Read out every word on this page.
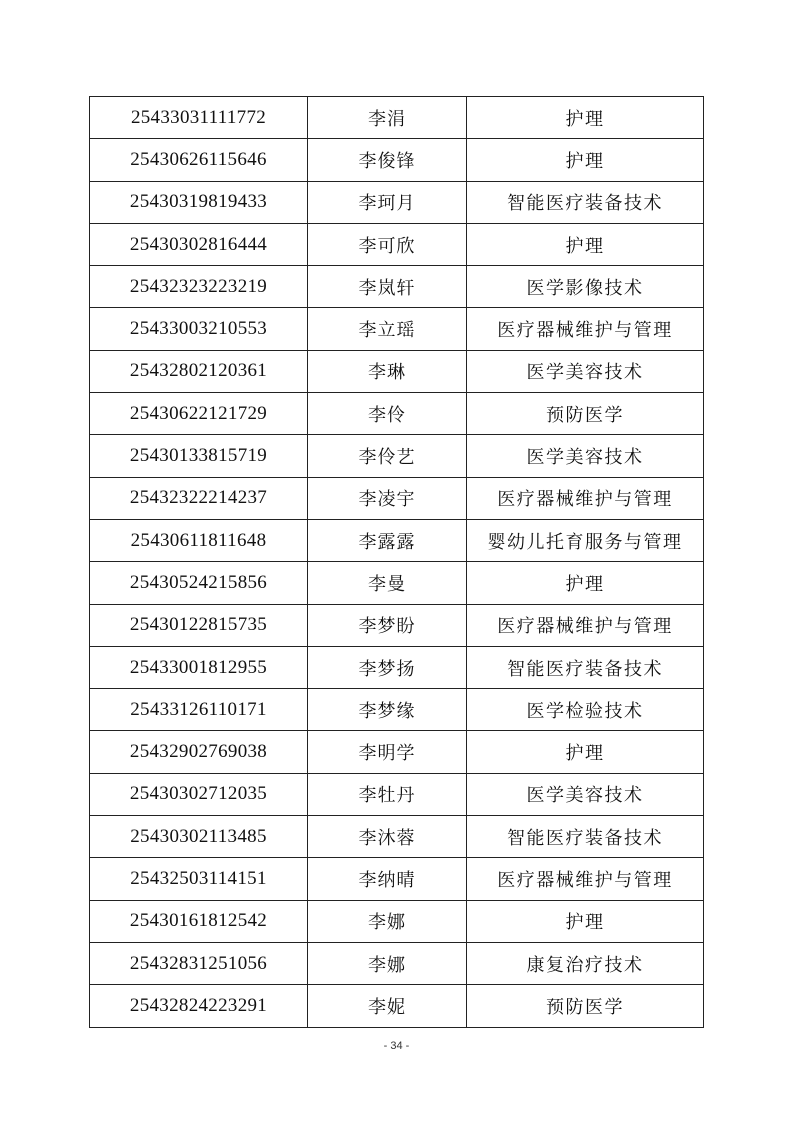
25433031111772	李涓	护理
25430626115646	李俊锋	护理
25430319819433	李珂月	智能医疗装备技术
25430302816444	李可欣	护理
25432323223219	李岚轩	医学影像技术
25433003210553	李立瑶	医疗器械维护与管理
25432802120361	李琳	医学美容技术
25430622121729	李伶	预防医学
25430133815719	李伶艺	医学美容技术
25432322214237	李凌宇	医疗器械维护与管理
25430611811648	李露露	婴幼儿托育服务与管理
25430524215856	李曼	护理
25430122815735	李梦盼	医疗器械维护与管理
25433001812955	李梦扬	智能医疗装备技术
25433126110171	李梦缘	医学检验技术
25432902769038	李明学	护理
25430302712035	李牡丹	医学美容技术
25430302113485	李沐蓉	智能医疗装备技术
25432503114151	李纳晴	医疗器械维护与管理
25430161812542	李娜	护理
25432831251056	李娜	康复治疗技术
25432824223291	李妮	预防医学
- 34 -
